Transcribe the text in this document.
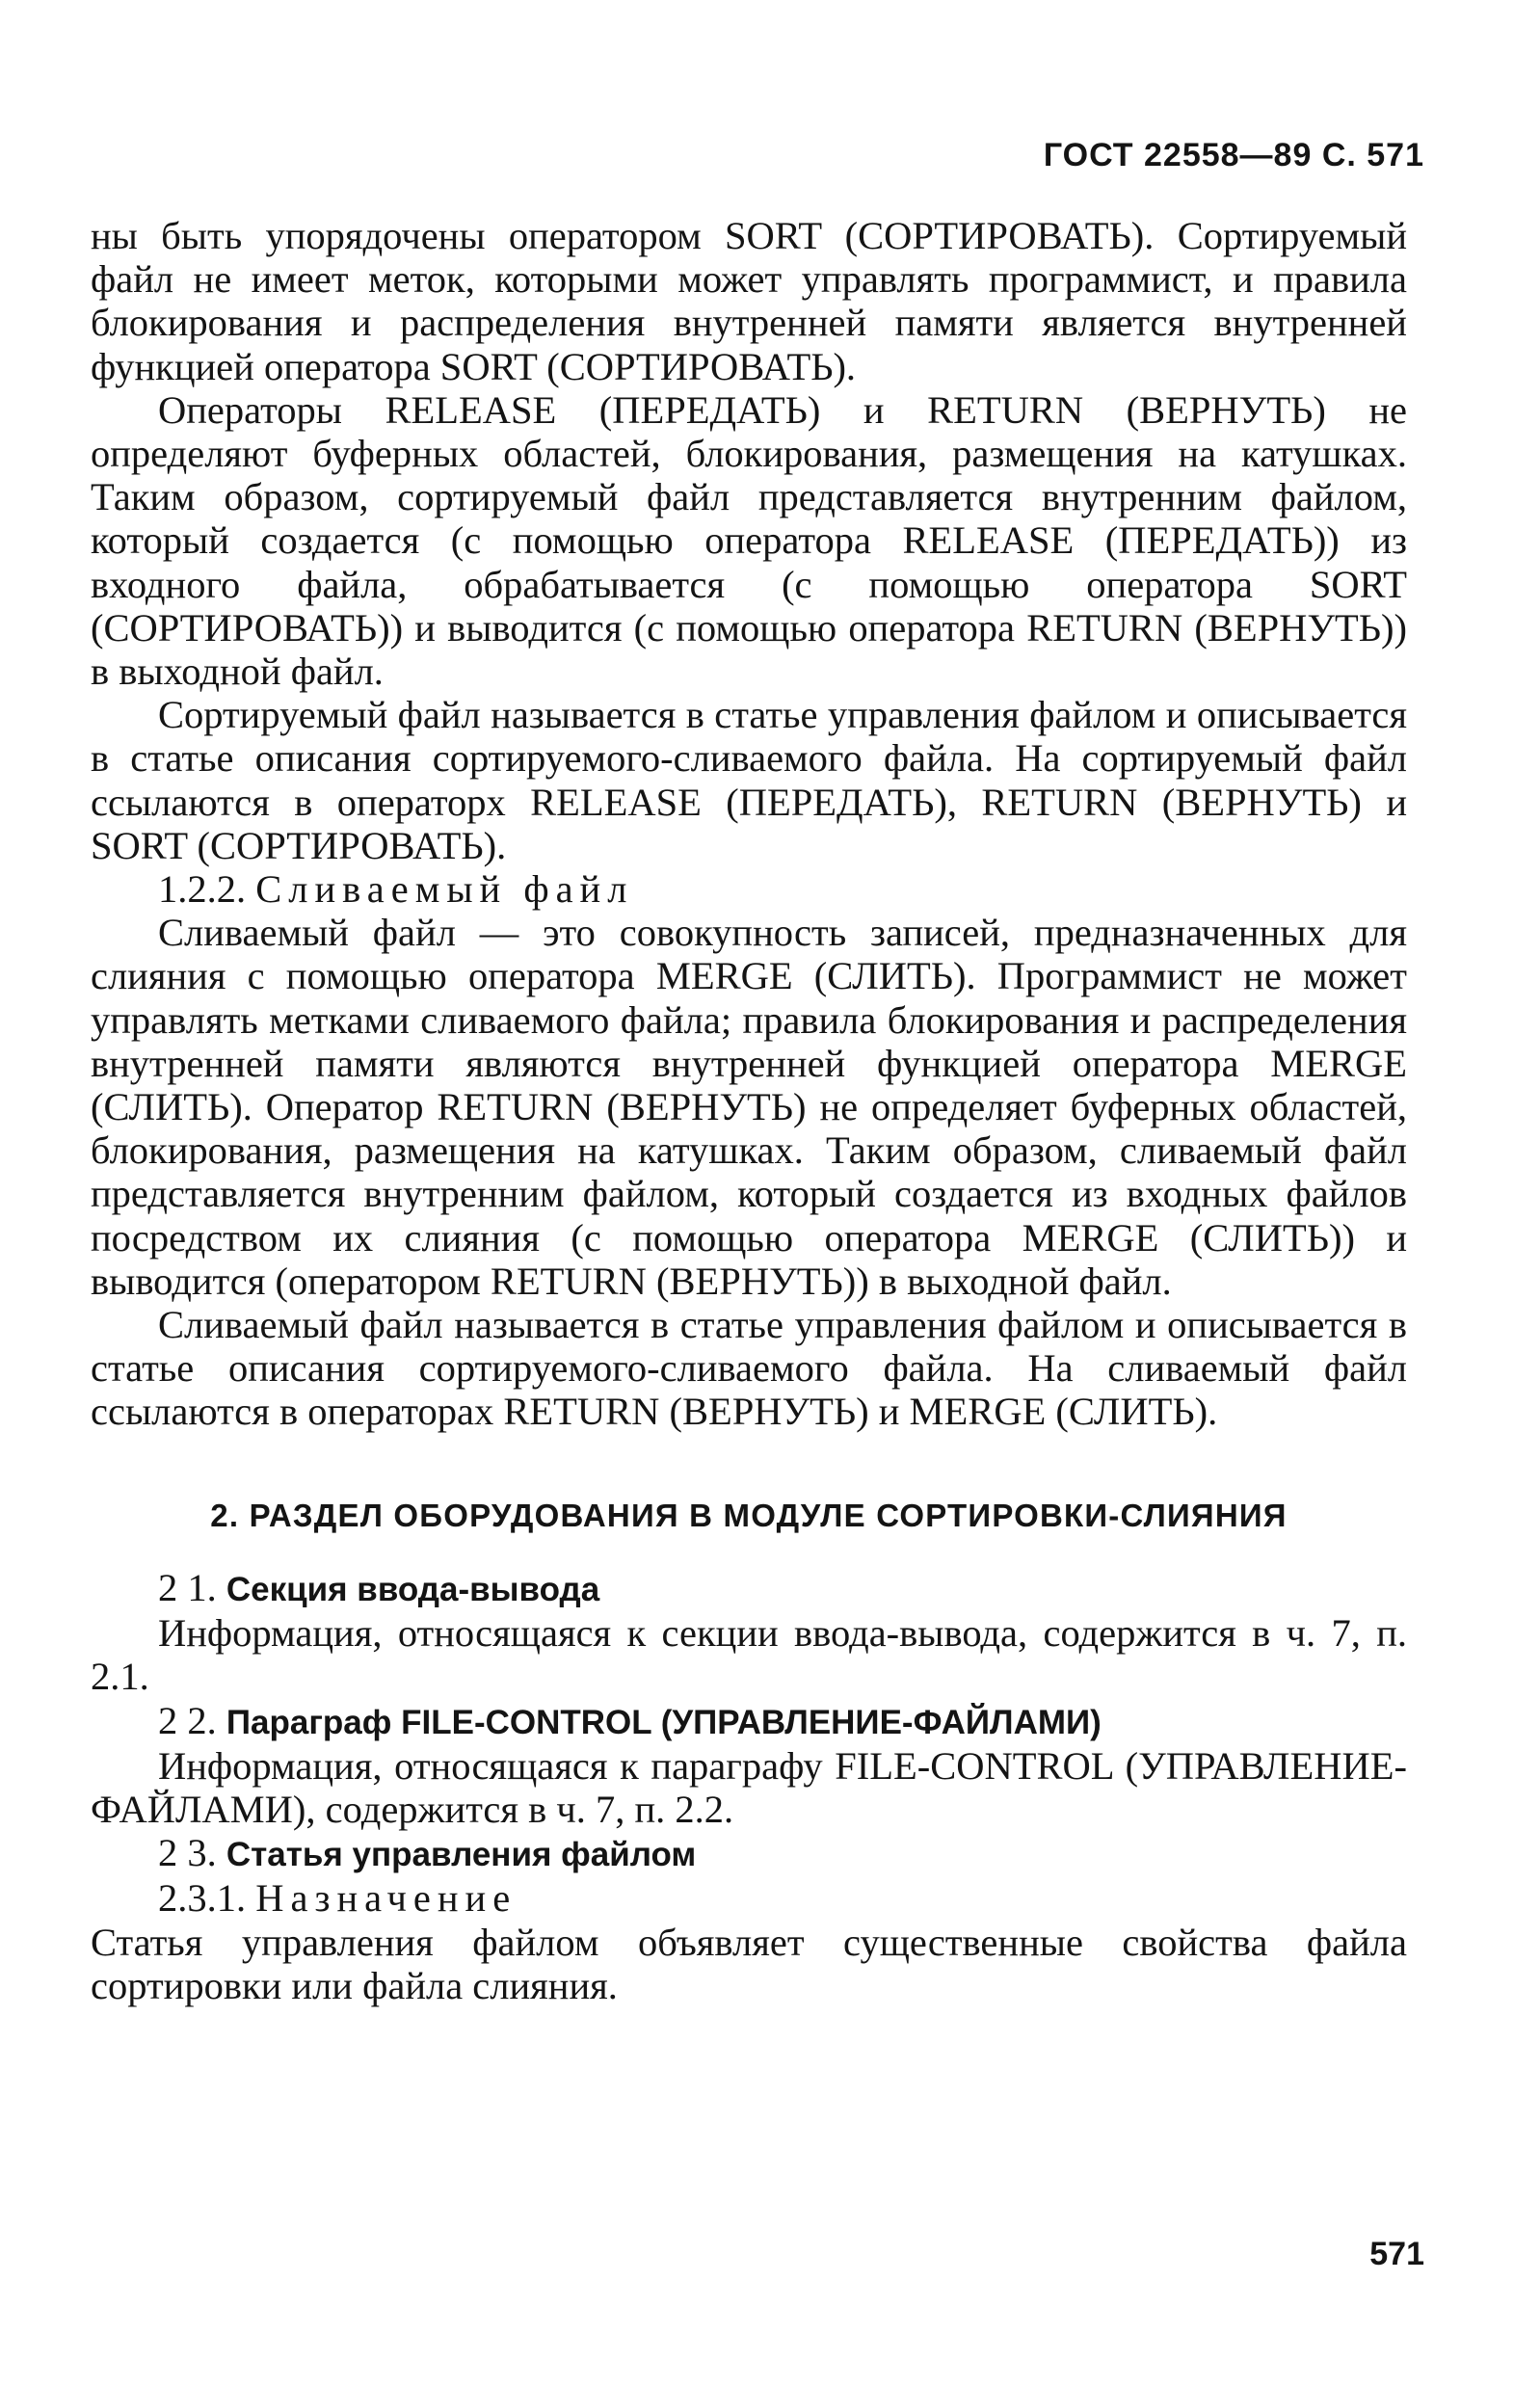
ГОСТ 22558—89 С. 571

ны быть упорядочены оператором SORT (СОРТИРОВАТЬ). Сортируемый файл не имеет меток, которыми может управлять программист, и правила блокирования и распределения внутренней памяти является внутренней функцией оператора SORT (СОРТИРОВАТЬ).

Операторы RELEASE (ПЕРЕДАТЬ) и RETURN (ВЕРНУТЬ) не определяют буферных областей, блокирования, размещения на катушках. Таким образом, сортируемый файл представляется внутренним файлом, который создается (с помощью оператора RELEASE (ПЕРЕДАТЬ)) из входного файла, обрабатывается (с помощью оператора SORT (СОРТИРОВАТЬ)) и выводится (с помощью оператора RETURN (ВЕРНУТЬ)) в выходной файл.

Сортируемый файл называется в статье управления файлом и описывается в статье описания сортируемого-сливаемого файла. На сортируемый файл ссылаются в операторх RELEASE (ПЕРЕДАТЬ), RETURN (ВЕРНУТЬ) и SORT (СОРТИРОВАТЬ).

1.2.2. Сливаемый файл

Сливаемый файл — это совокупность записей, предназначенных для слияния с помощью оператора MERGE (СЛИТЬ). Программист не может управлять метками сливаемого файла; правила блокирования и распределения внутренней памяти являются внутренней функцией оператора MERGE (СЛИТЬ). Оператор RETURN (ВЕРНУТЬ) не определяет буферных областей, блокирования, размещения на катушках. Таким образом, сливаемый файл представляется внутренним файлом, который создается из входных файлов посредством их слияния (с помощью оператора MERGE (СЛИТЬ)) и выводится (оператором RETURN (ВЕРНУТЬ)) в выходной файл.

Сливаемый файл называется в статье управления файлом и описывается в статье описания сортируемого-сливаемого файла. На сливаемый файл ссылаются в операторах RETURN (ВЕРНУТЬ) и MERGE (СЛИТЬ).

2. РАЗДЕЛ ОБОРУДОВАНИЯ В МОДУЛЕ СОРТИРОВКИ-СЛИЯНИЯ

2 1. Секция ввода-вывода

Информация, относящаяся к секции ввода-вывода, содержится в ч. 7, п. 2.1.

2 2. Параграф FILE-CONTROL (УПРАВЛЕНИЕ-ФАЙЛАМИ)

Информация, относящаяся к параграфу FILE-CONTROL (УПРАВЛЕНИЕ-ФАЙЛАМИ), содержится в ч. 7, п. 2.2.

2 3. Статья управления файлом

2.3.1. Назначение

Статья управления файлом объявляет существенные свойства файла сортировки или файла слияния.

571
